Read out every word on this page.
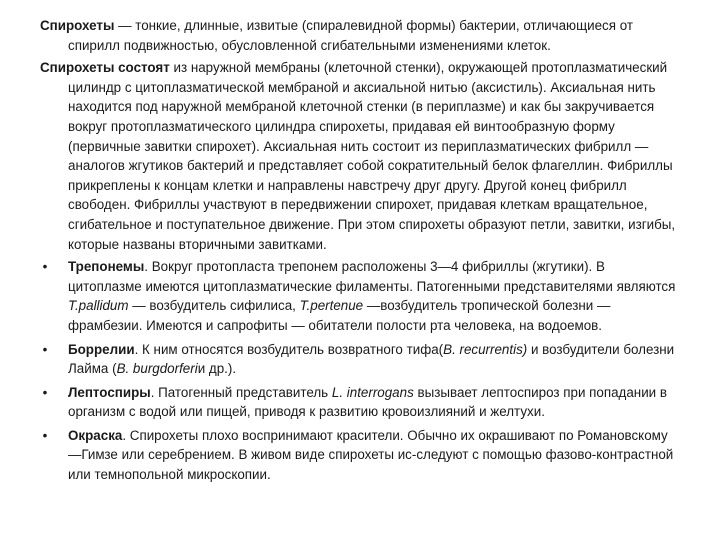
Спирохеты — тонкие, длинные, извитые (спиралевидной формы) бактерии, отличающиеся от спирилл подвижностью, обусловленной сгибательными изменениями клеток.

Спирохеты состоят из наружной мембраны (клеточной стенки), окружающей протоплазматический цилиндр с цитоплазматической мембраной и аксиальной нитью (аксистиль). Аксиальная нить находится под наружной мембраной клеточной стенки (в периплазме) и как бы закручивается вокруг протоплазматического цилиндра спирохеты, придавая ей винтообразную форму (первичные завитки спирохет). Аксиальная нить состоит из периплазматических фибрилл — аналогов жгутиков бактерий и представляет собой сократительный белок флагеллин. Фибриллы прикреплены к концам клетки и направлены навстречу друг другу. Другой конец фибрилл свободен. Фибриллы участвуют в передвижении спирохет, придавая клеткам вращательное, сгибательное и поступательное движение. При этом спирохеты образуют петли, завитки, изгибы, которые названы вторичными завитками.

• Трепонемы. Вокруг протопласта трепонем расположены 3—4 фибриллы (жгутики). В цитоплазме имеются цитоплазматические филаменты. Патогенными представителями являются T.pallidum — возбудитель сифилиса, T.pertenue —возбудитель тропической болезни — фрамбезии. Имеются и сапрофиты — обитатели полости рта человека, на водоемов.
• Боррелии. К ним относятся возбудитель возвратного тифа(B. recurrentis) и возбудители болезни Лайма (B. burgdorferiи др.).
• Лептоспиры. Патогенный представитель L. interrogans вызывает лептоспироз при попадании в организм с водой или пищей, приводя к развитию кровоизлияний и желтухи.
• Окраска. Спирохеты плохо воспринимают красители. Обычно их окрашивают по Романовскому—Гимзе или серебрением. В живом виде спирохеты ис-следуют с помощью фазово-контрастной или темнопольной микроскопии.
